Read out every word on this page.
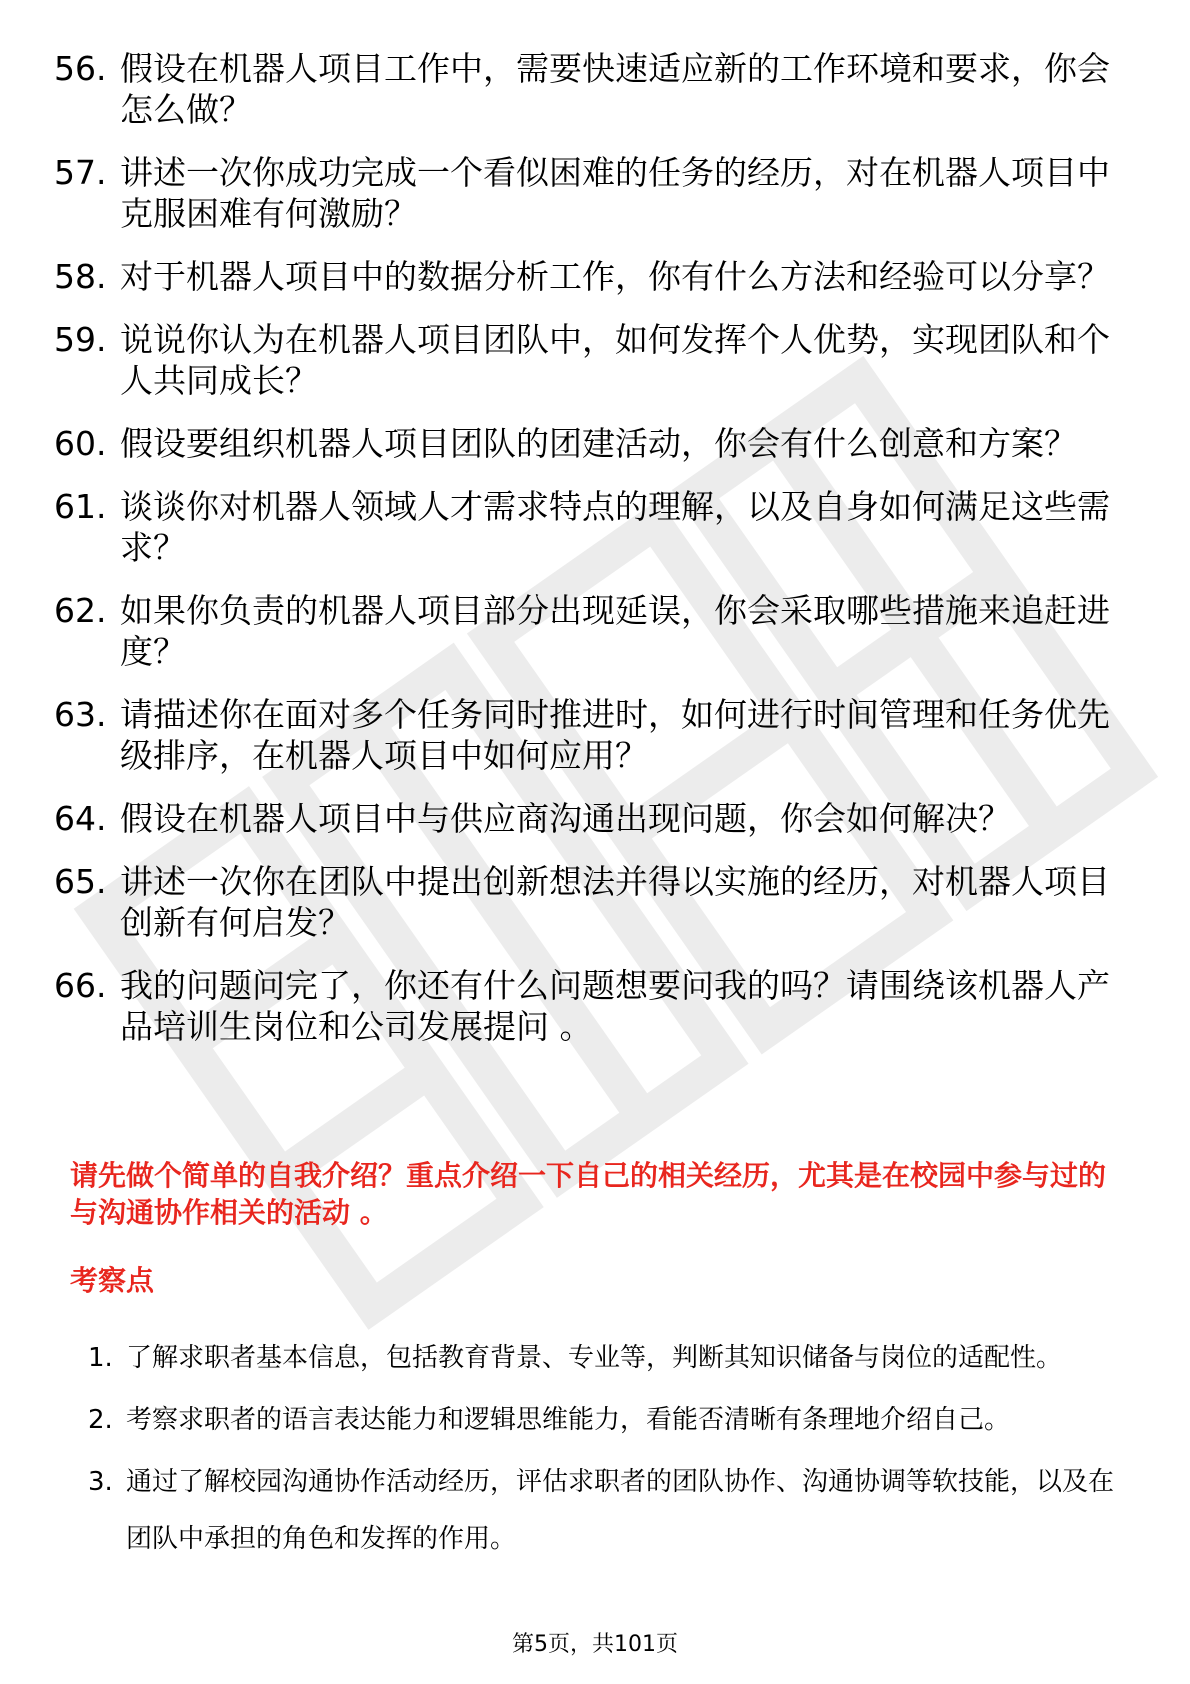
56. 假设在机器人项目工作中，需要快速适应新的工作环境和要求，你会怎么做？
57. 讲述一次你成功完成一个看似困难的任务的经历，对在机器人项目中克服困难有何激励？
58. 对于机器人项目中的数据分析工作，你有什么方法和经验可以分享？
59. 说说你认为在机器人项目团队中，如何发挥个人优势，实现团队和个人共同成长？
60. 假设要组织机器人项目团队的团建活动，你会有什么创意和方案？
61. 谈谈你对机器人领域人才需求特点的理解，以及自身如何满足这些需求？
62. 如果你负责的机器人项目部分出现延误，你会采取哪些措施来追赶进度？
63. 请描述你在面对多个任务同时推进时，如何进行时间管理和任务优先级排序，在机器人项目中如何应用？
64. 假设在机器人项目中与供应商沟通出现问题，你会如何解决？
65. 讲述一次你在团队中提出创新想法并得以实施的经历，对机器人项目创新有何启发？
66. 我的问题问完了，你还有什么问题想要问我的吗？请围绕该机器人产品培训生岗位和公司发展提问 。
请先做个简单的自我介绍？重点介绍一下自己的相关经历，尤其是在校园中参与过的与沟通协作相关的活动 。
考察点
1. 了解求职者基本信息，包括教育背景、专业等，判断其知识储备与岗位的适配性。
2. 考察求职者的语言表达能力和逻辑思维能力，看能否清晰有条理地介绍自己。
3. 通过了解校园沟通协作活动经历，评估求职者的团队协作、沟通协调等软技能，以及在团队中承担的角色和发挥的作用。
第5页，共101页
